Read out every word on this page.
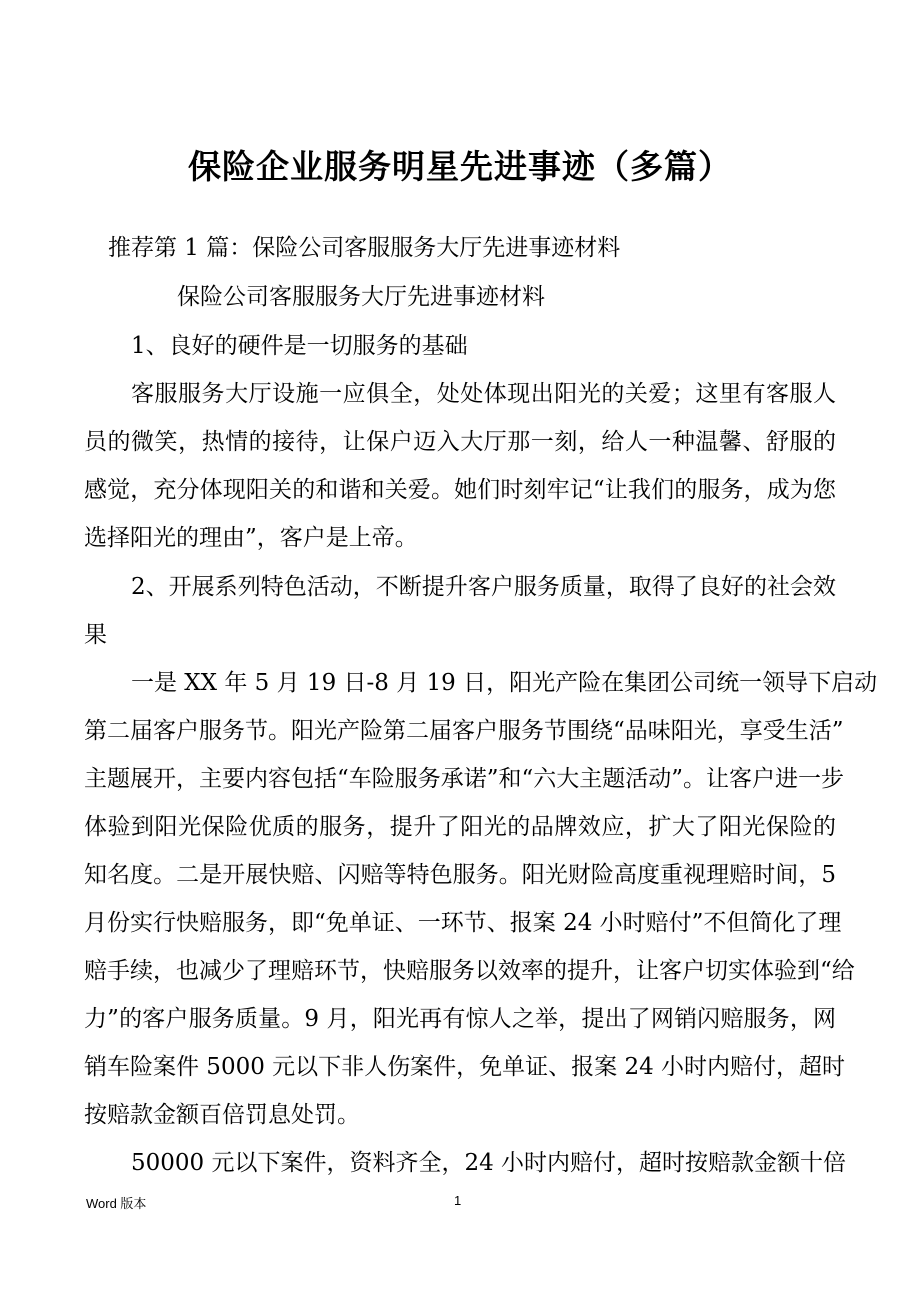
保险企业服务明星先进事迹（多篇）
推荐第 1 篇：保险公司客服服务大厅先进事迹材料
保险公司客服服务大厅先进事迹材料
1、良好的硬件是一切服务的基础
客服服务大厅设施一应俱全，处处体现出阳光的关爱；这里有客服人
员的微笑，热情的接待，让保户迈入大厅那一刻，给人一种温馨、舒服的
感觉，充分体现阳关的和谐和关爱。她们时刻牢记“让我们的服务，成为您
选择阳光的理由”，客户是上帝。
2、开展系列特色活动，不断提升客户服务质量，取得了良好的社会效
果
一是 XX 年 5 月 19 日-8 月 19 日，阳光产险在集团公司统一领导下启动
第二届客户服务节。阳光产险第二届客户服务节围绕“品味阳光，享受生活”
主题展开，主要内容包括“车险服务承诺”和“六大主题活动”。让客户进一步
体验到阳光保险优质的服务，提升了阳光的品牌效应，扩大了阳光保险的
知名度。二是开展快赔、闪赔等特色服务。阳光财险高度重视理赔时间，5
月份实行快赔服务，即“免单证、一环节、报案 24 小时赔付”不但简化了理
赔手续，也减少了理赔环节，快赔服务以效率的提升，让客户切实体验到“给
力”的客户服务质量。9 月，阳光再有惊人之举，提出了网销闪赔服务，网
销车险案件 5000 元以下非人伤案件，免单证、报案 24 小时内赔付，超时
按赔款金额百倍罚息处罚。
50000 元以下案件，资料齐全，24 小时内赔付，超时按赔款金额十倍
Word 版本	1
